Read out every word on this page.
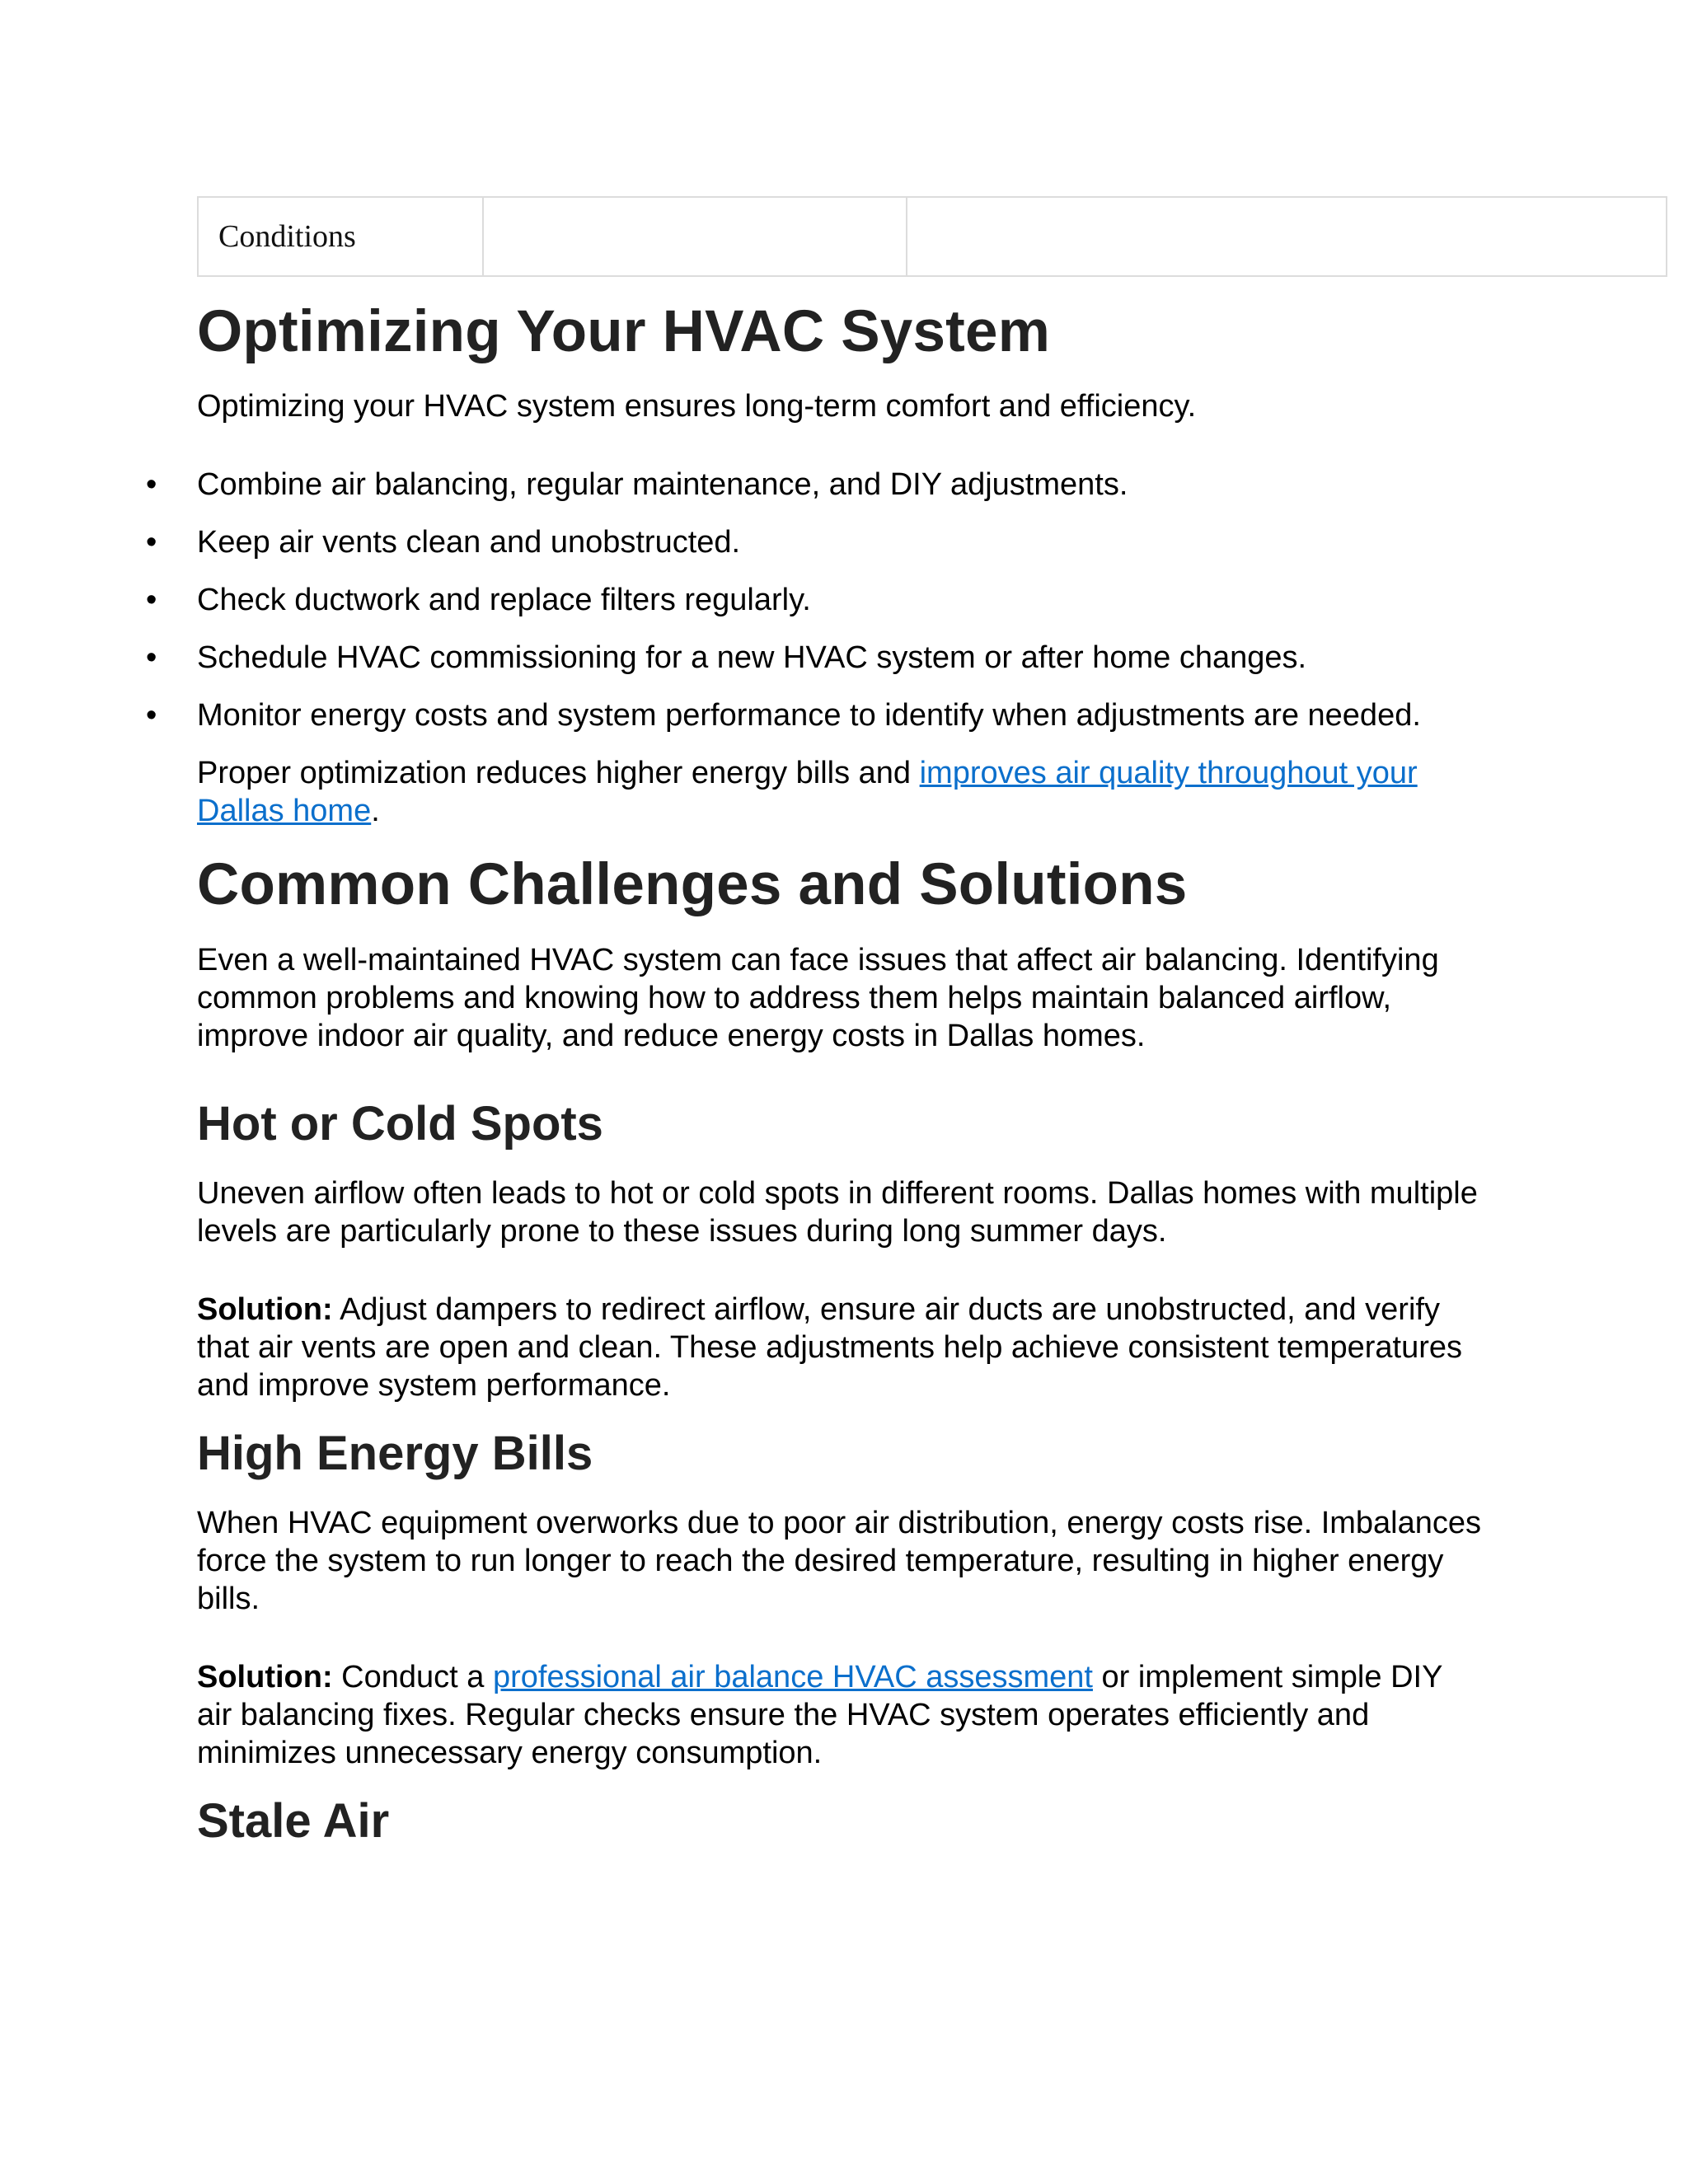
Conditions		
Optimizing Your HVAC System

Optimizing your HVAC system ensures long-term comfort and efficiency.

• Combine air balancing, regular maintenance, and DIY adjustments.
• Keep air vents clean and unobstructed.
• Check ductwork and replace filters regularly.
• Schedule HVAC commissioning for a new HVAC system or after home changes.
• Monitor energy costs and system performance to identify when adjustments are needed.

Proper optimization reduces higher energy bills and improves air quality throughout your Dallas home.

Common Challenges and Solutions

Even a well-maintained HVAC system can face issues that affect air balancing. Identifying common problems and knowing how to address them helps maintain balanced airflow, improve indoor air quality, and reduce energy costs in Dallas homes.

Hot or Cold Spots

Uneven airflow often leads to hot or cold spots in different rooms. Dallas homes with multiple levels are particularly prone to these issues during long summer days.

Solution: Adjust dampers to redirect airflow, ensure air ducts are unobstructed, and verify that air vents are open and clean. These adjustments help achieve consistent temperatures and improve system performance.

High Energy Bills

When HVAC equipment overworks due to poor air distribution, energy costs rise. Imbalances force the system to run longer to reach the desired temperature, resulting in higher energy bills.

Solution: Conduct a professional air balance HVAC assessment or implement simple DIY air balancing fixes. Regular checks ensure the HVAC system operates efficiently and minimizes unnecessary energy consumption.

Stale Air
